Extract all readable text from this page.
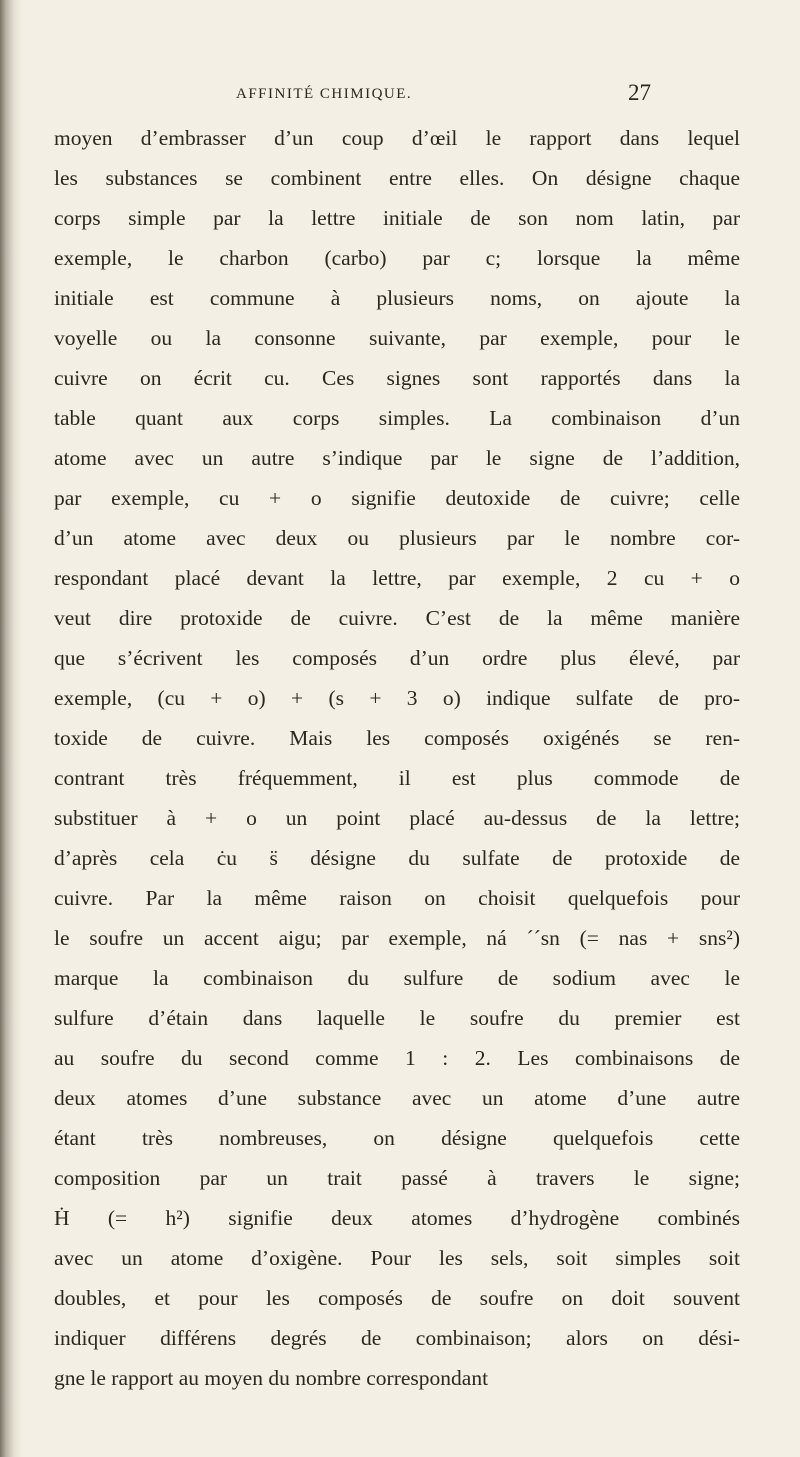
AFFINITÉ CHIMIQUE.	27
moyen d’embrasser d’un coup d’œil le rapport dans lequel
les substances se combinent entre elles. On désigne chaque
corps simple par la lettre initiale de son nom latin, par
exemple, le charbon (carbo) par c; lorsque la même
initiale est commune à plusieurs noms, on ajoute la
voyelle ou la consonne suivante, par exemple, pour le
cuivre on écrit cu. Ces signes sont rapportés dans la
table quant aux corps simples. La combinaison d’un
atome avec un autre s’indique par le signe de l’addition,
par exemple, cu + o signifie deutoxide de cuivre; celle
d’un atome avec deux ou plusieurs par le nombre cor-
respondant placé devant la lettre, par exemple, 2 cu + o
veut dire protoxide de cuivre. C’est de la même manière
que s’écrivent les composés d’un ordre plus élevé, par
exemple, (cu + o) + (s + 3 o) indique sulfate de pro-
toxide de cuivre. Mais les composés oxigénés se ren-
contrant très fréquemment, il est plus commode de
substituer à + o un point placé au-dessus de la lettre;
d’après cela ċu s̈ désigne du sulfate de protoxide de
cuivre. Par la même raison on choisit quelquefois pour
le soufre un accent aigu; par exemple, ná ´´sn (= nas + sns²)
marque la combinaison du sulfure de sodium avec le
sulfure d’étain dans laquelle le soufre du premier est
au soufre du second comme 1 : 2. Les combinaisons de
deux atomes d’une substance avec un atome d’une autre
étant très nombreuses, on désigne quelquefois cette
composition par un trait passé à travers le signe;
Ḣ (= h²) signifie deux atomes d’hydrogène combinés
avec un atome d’oxigène. Pour les sels, soit simples soit
doubles, et pour les composés de soufre on doit souvent
indiquer différens degrés de combinaison; alors on dési-
gne le rapport au moyen du nombre correspondant
